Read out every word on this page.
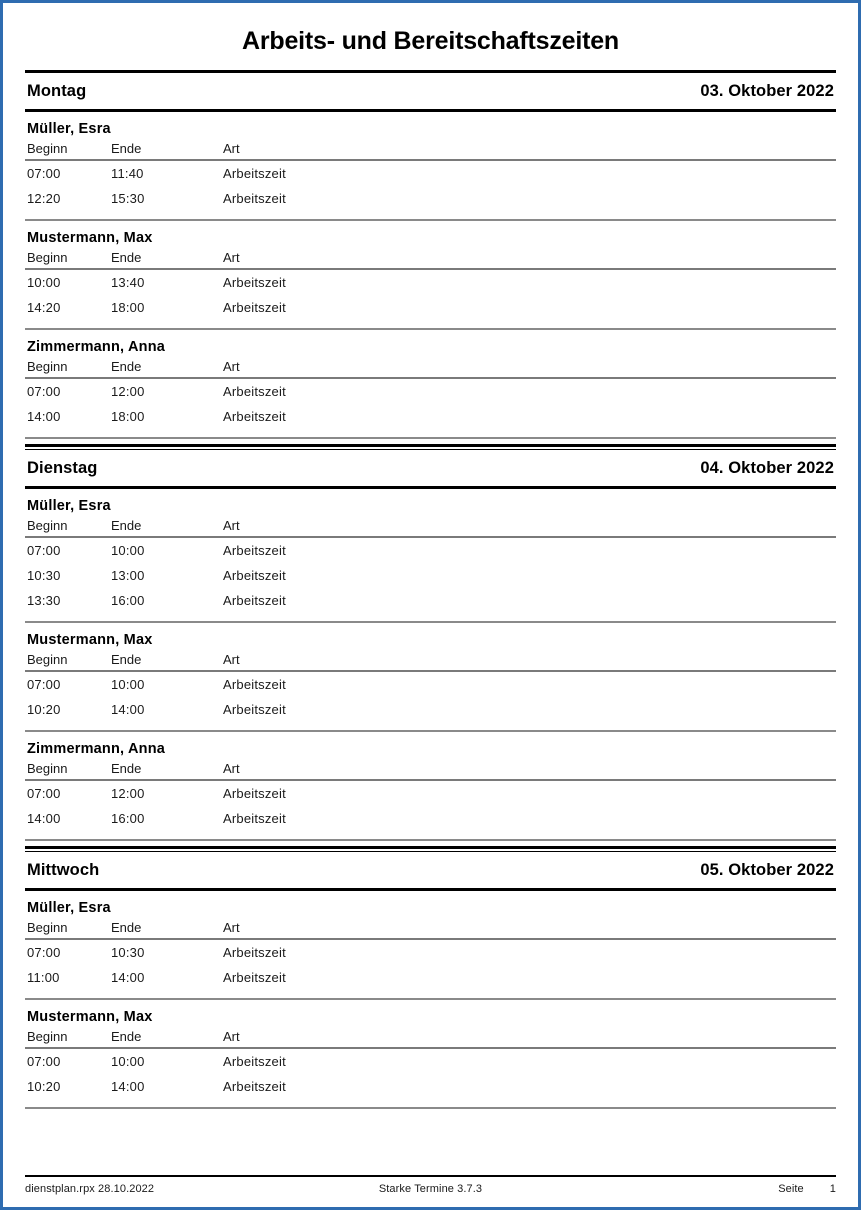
Arbeits- und Bereitschaftszeiten
Montag	03. Oktober 2022
Müller, Esra
Beginn	Ende	Art
07:00	11:40	Arbeitszeit
12:20	15:30	Arbeitszeit
Mustermann, Max
Beginn	Ende	Art
10:00	13:40	Arbeitszeit
14:20	18:00	Arbeitszeit
Zimmermann, Anna
Beginn	Ende	Art
07:00	12:00	Arbeitszeit
14:00	18:00	Arbeitszeit
Dienstag	04. Oktober 2022
Müller, Esra
Beginn	Ende	Art
07:00	10:00	Arbeitszeit
10:30	13:00	Arbeitszeit
13:30	16:00	Arbeitszeit
Mustermann, Max
Beginn	Ende	Art
07:00	10:00	Arbeitszeit
10:20	14:00	Arbeitszeit
Zimmermann, Anna
Beginn	Ende	Art
07:00	12:00	Arbeitszeit
14:00	16:00	Arbeitszeit
Mittwoch	05. Oktober 2022
Müller, Esra
Beginn	Ende	Art
07:00	10:30	Arbeitszeit
11:00	14:00	Arbeitszeit
Mustermann, Max
Beginn	Ende	Art
07:00	10:00	Arbeitszeit
10:20	14:00	Arbeitszeit
dienstplan.rpx 28.10.2022	Starke Termine 3.7.3	Seite 1
